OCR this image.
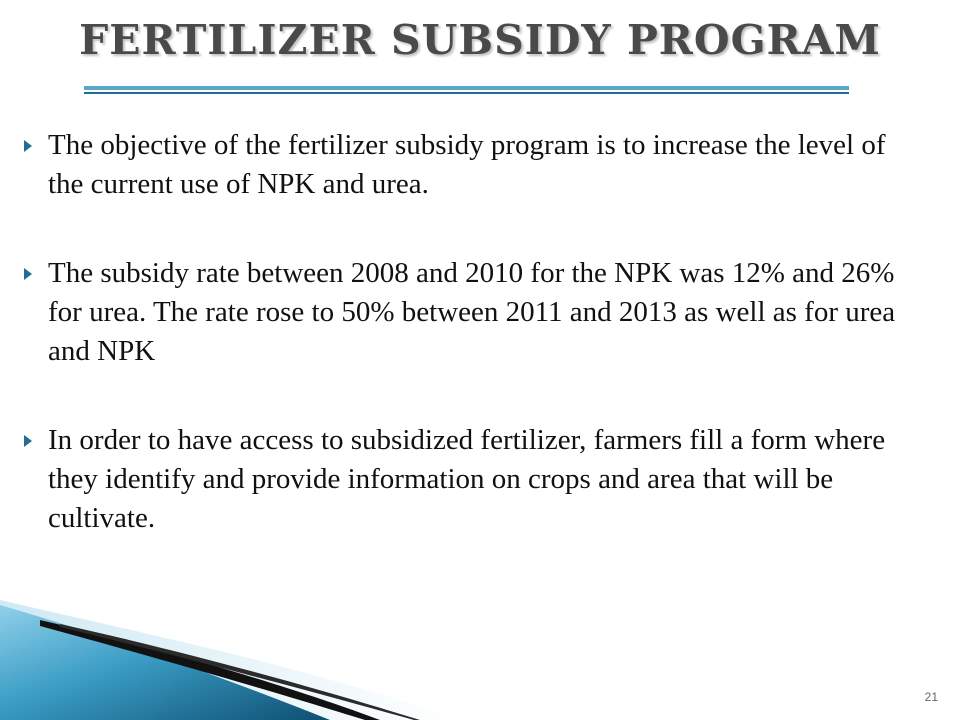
FERTILIZER SUBSIDY PROGRAM
The objective of the fertilizer subsidy program is to increase the level of the current use of NPK and urea.
The subsidy rate between 2008 and 2010 for the NPK was 12% and 26% for urea. The rate rose to 50% between 2011 and 2013 as well as for urea and NPK
In order to have access to subsidized fertilizer, farmers fill a form where they identify and provide information on crops and area that will be cultivate.
21
